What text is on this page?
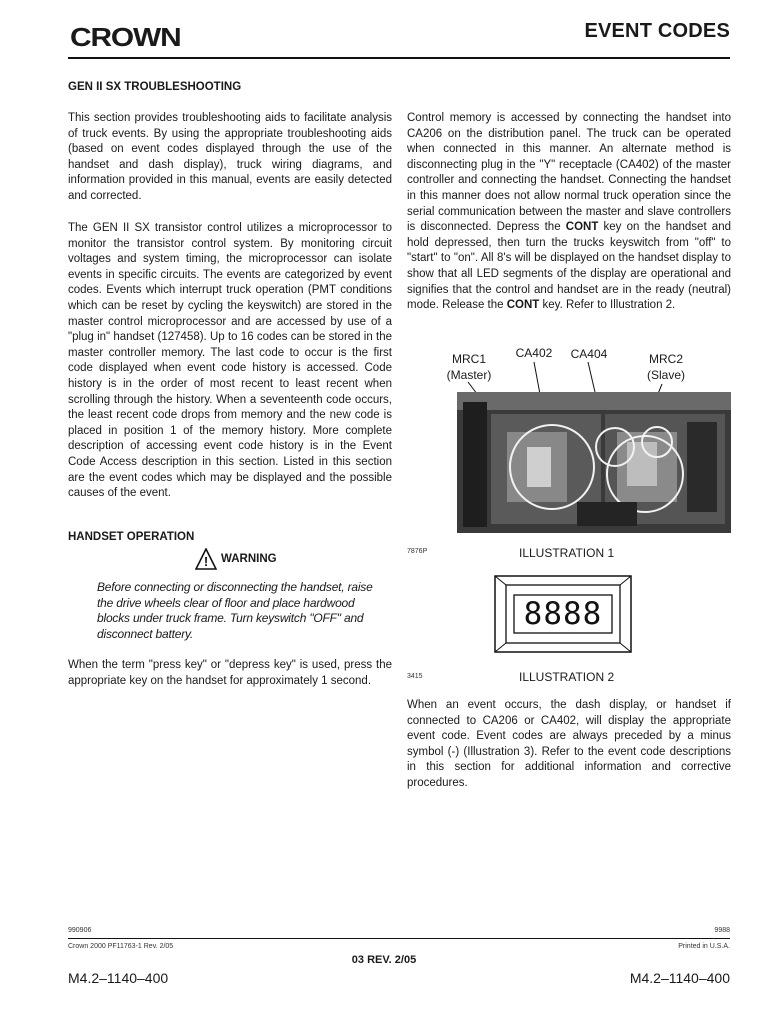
CROWN	EVENT CODES
GEN II SX TROUBLESHOOTING
This section provides troubleshooting aids to facilitate analysis of truck events. By using the appropriate troubleshooting aids (based on event codes displayed through the use of the handset and dash display), truck wiring diagrams, and information provided in this manual, events are easily detected and corrected.
The GEN II SX transistor control utilizes a microprocessor to monitor the transistor control system. By monitoring circuit voltages and system timing, the microprocessor can isolate events in specific circuits. The events are categorized by event codes. Events which interrupt truck operation (PMT conditions which can be reset by cycling the keyswitch) are stored in the master control microprocessor and are accessed by use of a "plug in" handset (127458). Up to 16 codes can be stored in the master controller memory. The last code to occur is the first code displayed when event code history is accessed. Code history is in the order of most recent to least recent when scrolling through the history. When a seventeenth code occurs, the least recent code drops from memory and the new code is placed in position 1 of the memory history. More complete description of accessing event code history is in the Event Code Access description in this section. Listed in this section are the event codes which may be displayed and the possible causes of the event.
HANDSET OPERATION
! WARNING
Before connecting or disconnecting the handset, raise the drive wheels clear of floor and place hardwood blocks under truck frame. Turn keyswitch "OFF" and disconnect battery.
When the term "press key" or "depress key" is used, press the appropriate key on the handset for approximately 1 second.
Control memory is accessed by connecting the handset into CA206 on the distribution panel. The truck can be operated when connected in this manner. An alternate method is disconnecting plug in the "Y" receptacle (CA402) of the master controller and connecting the handset. Connecting the handset in this manner does not allow normal truck operation since the serial communication between the master and slave controllers is disconnected. Depress the CONT key on the handset and hold depressed, then turn the trucks keyswitch from "off" to "start" to "on". All 8's will be displayed on the handset display to show that all LED segments of the display are operational and signifies that the control and handset are in the ready (neutral) mode. Release the CONT key. Refer to Illustration 2.
MRC1
(Master)
CA402	CA404	MRC2
(Slave)
7876P	ILLUSTRATION 1
8888
3415	ILLUSTRATION 2
When an event occurs, the dash display, or handset if connected to CA206 or CA402, will display the appropriate event code. Event codes are always preceded by a minus symbol (-) (Illustration 3). Refer to the event code descriptions in this section for additional information and corrective procedures.
990906	9988
Crown 2000 PF11763-1 Rev. 2/05	Printed in U.S.A.
03 REV. 2/05
M4.2–1140–400	M4.2–1140–400
